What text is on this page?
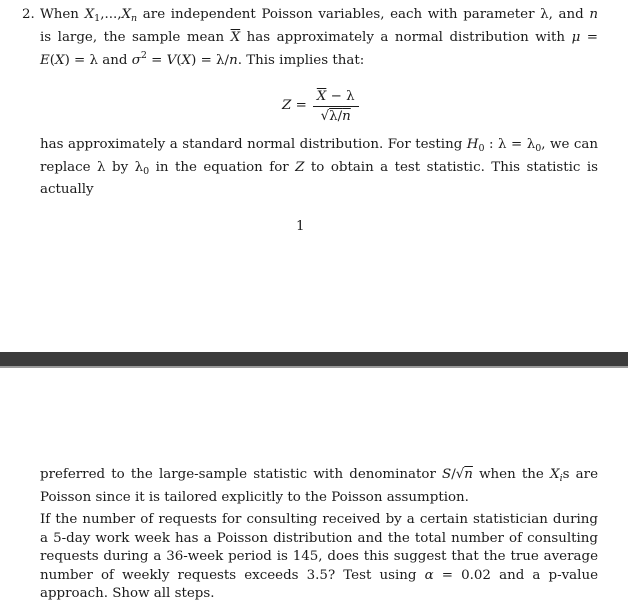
2. When $X_1,...,X_n$ are independent Poisson variables, each with parameter λ, and n is large, the sample mean $\overline{X}$ has approximately a normal distribution with μ = E(X) = λ and $\sigma^2 = V(X) = \lambda/n$. This implies that:

$Z = \frac{\overline{X} - \lambda}{√\lambda/n}$

has approximately a standard normal distribution. For testing $H_0$ : $\lambda = \lambda_0$, we can replace λ by $\lambda_0$ in the equation for Z to obtain a test statistic. This statistic is actually

1

preferred to the large-sample statistic with denominator S/√n when the $X_is$ are Poisson since it is tailored explicitly to the Poisson assumption.

If the number of requests for consulting received by a certain statistician during a 5-day work week has a Poisson distribution and the total number of consulting requests during a 36-week period is 145, does this suggest that the true average number of weekly requests exceeds 3.5? Test using α = 0.02 and a p-value approach. Show all steps.
